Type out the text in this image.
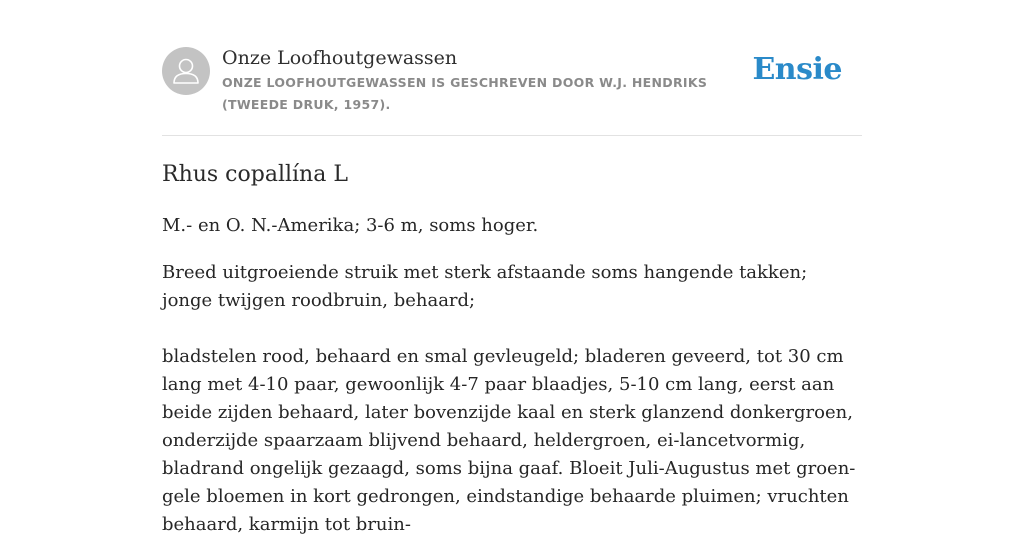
Onze Loofhoutgewassen
ONZE LOOFHOUTGEWASSEN IS GESCHREVEN DOOR W.J. HENDRIKS (TWEEDE DRUK, 1957).
Ensie
Rhus copallína L

M.- en O. N.-Amerika; 3-6 m, soms hoger.

Breed uitgroeiende struik met sterk afstaande soms hangende takken; jonge twijgen roodbruin, behaard;

bladstelen rood, behaard en smal gevleugeld; bladeren geveerd, tot 30 cm lang met 4-10 paar, gewoonlijk 4-7 paar blaadjes, 5-10 cm lang, eerst aan beide zijden behaard, later bovenzijde kaal en sterk glanzend donkergroen, onderzijde spaarzaam blijvend behaard, heldergroen, ei-lancetvormig, bladrand ongelijk gezaagd, soms bijna gaaf. Bloeit Juli-Augustus met groen-gele bloemen in kort gedrongen, eindstandige behaarde pluimen; vruchten behaard, karmijn tot bruin-
